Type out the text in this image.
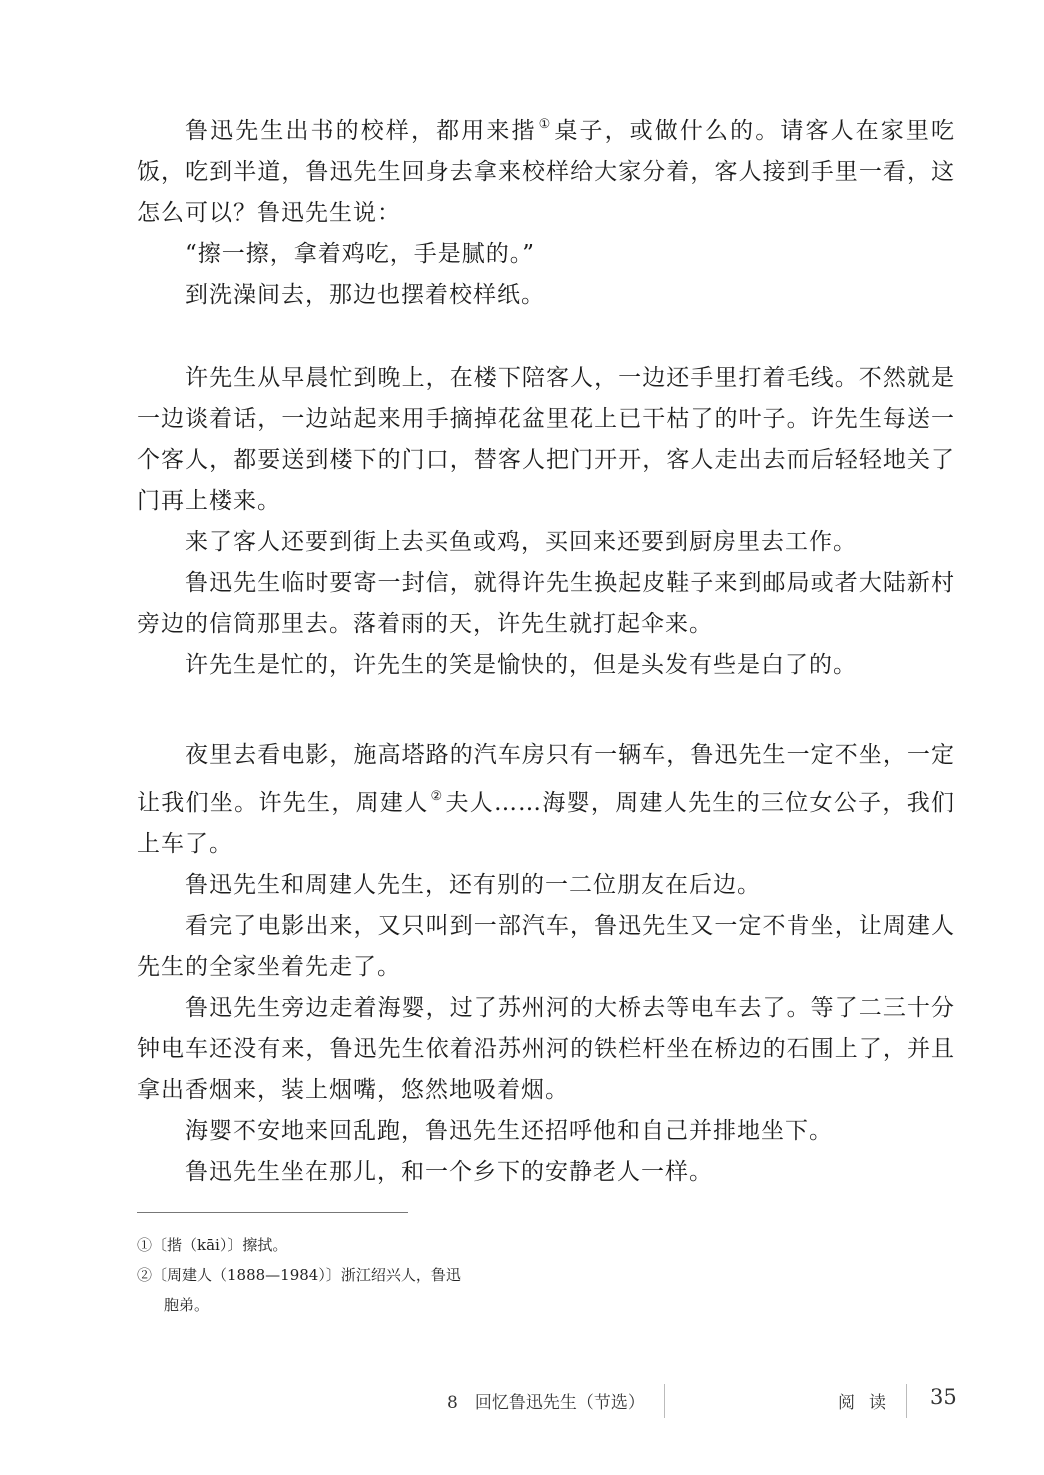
鲁迅先生出书的校样，都用来揩 ①桌子，或做什么的。请客人在家里吃饭，吃到半道，鲁迅先生回身去拿来校样给大家分着，客人接到手里一看，这怎么可以？鲁迅先生说：

“擦一擦，拿着鸡吃，手是腻的。”

到洗澡间去，那边也摆着校样纸。

许先生从早晨忙到晚上，在楼下陪客人，一边还手里打着毛线。不然就是一边谈着话，一边站起来用手摘掉花盆里花上已干枯了的叶子。许先生每送一个客人，都要送到楼下的门口，替客人把门开开，客人走出去而后轻轻地关了门再上楼来。

来了客人还要到街上去买鱼或鸡，买回来还要到厨房里去工作。

鲁迅先生临时要寄一封信，就得许先生换起皮鞋子来到邮局或者大陆新村旁边的信筒那里去。落着雨的天，许先生就打起伞来。

许先生是忙的，许先生的笑是愉快的，但是头发有些是白了的。

夜里去看电影，施高塔路的汽车房只有一辆车，鲁迅先生一定不坐，一定让我们坐。许先生，周建人 ②夫人……海婴，周建人先生的三位女公子，我们上车了。

鲁迅先生和周建人先生，还有别的一二位朋友在后边。

看完了电影出来，又只叫到一部汽车，鲁迅先生又一定不肯坐，让周建人先生的全家坐着先走了。

鲁迅先生旁边走着海婴，过了苏州河的大桥去等电车去了。等了二三十分钟电车还没有来，鲁迅先生依着沿苏州河的铁栏杆坐在桥边的石围上了，并且拿出香烟来，装上烟嘴，悠然地吸着烟。

海婴不安地来回乱跑，鲁迅先生还招呼他和自己并排地坐下。

鲁迅先生坐在那儿，和一个乡下的安静老人一样。

①〔揩（kāi）〕擦拭。

②〔周建人（1888—1984）〕浙江绍兴人，鲁迅

胞弟。

8　回忆鲁迅先生（节选）	阅读 35
